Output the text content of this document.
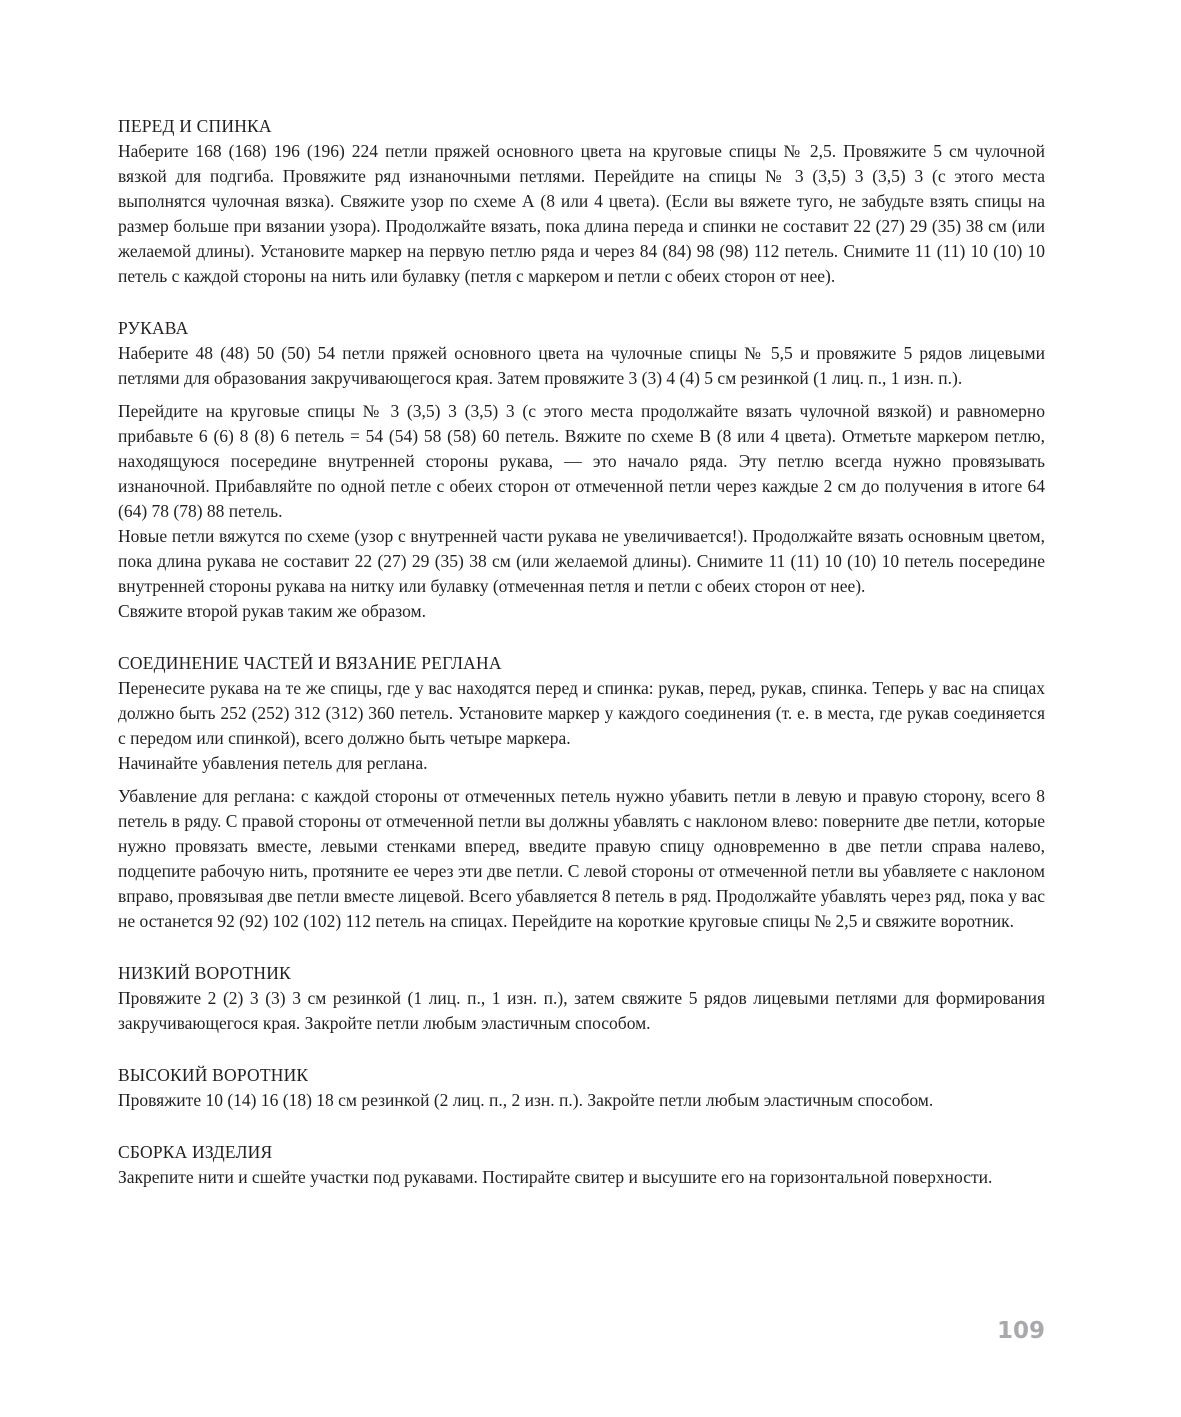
ПЕРЕД И СПИНКА

Наберите 168 (168) 196 (196) 224 петли пряжей основного цвета на круговые спицы № 2,5. Провяжите 5 см чулочной вязкой для подгиба. Провяжите ряд изнаночными петлями. Перейдите на спицы № 3 (3,5) 3 (3,5) 3 (с этого места выполнятся чулочная вязка). Свяжите узор по схеме А (8 или 4 цвета). (Если вы вяжете туго, не забудьте взять спицы на размер больше при вязании узора). Продолжайте вязать, пока длина переда и спинки не составит 22 (27) 29 (35) 38 см (или желаемой длины). Установите маркер на первую петлю ряда и через 84 (84) 98 (98) 112 петель. Снимите 11 (11) 10 (10) 10 петель с каждой стороны на нить или булавку (петля с маркером и петли с обеих сторон от нее).

РУКАВА

Наберите 48 (48) 50 (50) 54 петли пряжей основного цвета на чулочные спицы № 5,5 и провяжите 5 рядов лицевыми петлями для образования закручивающегося края. Затем провяжите 3 (3) 4 (4) 5 см резинкой (1 лиц. п., 1 изн. п.).

Перейдите на круговые спицы № 3 (3,5) 3 (3,5) 3 (с этого места продолжайте вязать чулочной вязкой) и равномерно прибавьте 6 (6) 8 (8) 6 петель = 54 (54) 58 (58) 60 петель. Вяжите по схеме В (8 или 4 цвета). Отметьте маркером петлю, находящуюся посередине внутренней стороны рукава, — это начало ряда. Эту петлю всегда нужно провязывать изнаночной. Прибавляйте по одной петле с обеих сторон от отмеченной петли через каждые 2 см до получения в итоге 64 (64) 78 (78) 88 петель.

Новые петли вяжутся по схеме (узор с внутренней части рукава не увеличивается!). Продолжайте вязать основным цветом, пока длина рукава не составит 22 (27) 29 (35) 38 см (или желаемой длины). Снимите 11 (11) 10 (10) 10 петель посередине внутренней стороны рукава на нитку или булавку (отмеченная петля и петли с обеих сторон от нее).

Свяжите второй рукав таким же образом.

СОЕДИНЕНИЕ ЧАСТЕЙ И ВЯЗАНИЕ РЕГЛАНА

Перенесите рукава на те же спицы, где у вас находятся перед и спинка: рукав, перед, рукав, спинка. Теперь у вас на спицах должно быть 252 (252) 312 (312) 360 петель. Установите маркер у каждого соединения (т. е. в места, где рукав соединяется с передом или спинкой), всего должно быть четыре маркера.

Начинайте убавления петель для реглана.

Убавление для реглана: с каждой стороны от отмеченных петель нужно убавить петли в левую и правую сторону, всего 8 петель в ряду. С правой стороны от отмеченной петли вы должны убавлять с наклоном влево: поверните две петли, которые нужно провязать вместе, левыми стенками вперед, введите правую спицу одновременно в две петли справа налево, подцепите рабочую нить, протяните ее через эти две петли. С левой стороны от отмеченной петли вы убавляете с наклоном вправо, провязывая две петли вместе лицевой. Всего убавляется 8 петель в ряд. Продолжайте убавлять через ряд, пока у вас не останется 92 (92) 102 (102) 112 петель на спицах. Перейдите на короткие круговые спицы № 2,5 и свяжите воротник.

НИЗКИЙ ВОРОТНИК

Провяжите 2 (2) 3 (3) 3 см резинкой (1 лиц. п., 1 изн. п.), затем свяжите 5 рядов лицевыми петлями для формирования закручивающегося края. Закройте петли любым эластичным способом.

ВЫСОКИЙ ВОРОТНИК

Провяжите 10 (14) 16 (18) 18 см резинкой (2 лиц. п., 2 изн. п.). Закройте петли любым эластичным способом.

СБОРКА ИЗДЕЛИЯ

Закрепите нити и сшейте участки под рукавами. Постирайте свитер и высушите его на горизонтальной поверхности.

109
